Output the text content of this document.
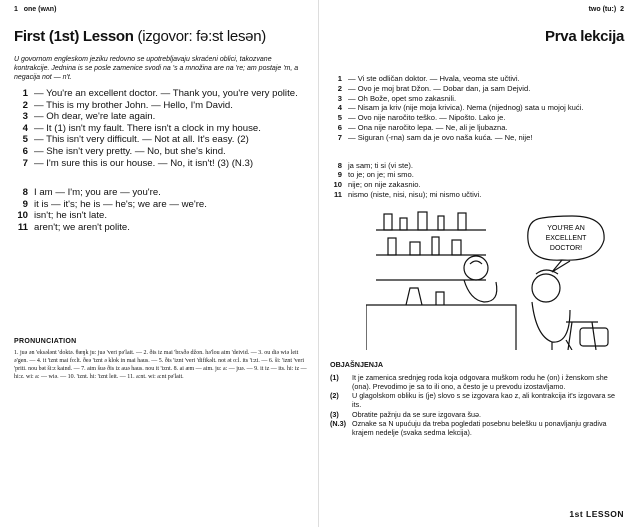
1 one (wʌn)
First (1st) Lesson (izgovor: fə:st lesən)
U govornom engleskom jeziku redovno se upotrebljavaju skraćeni oblici, takozvane kontrakcije. Jednina is se posle zamenice svodi na 's a množina are na 're; am postaje 'm, a negacija not — n't.
1 — You're an excellent doctor. — Thank you, you're very polite.
2 — This is my brother John. — Hello, I'm David.
3 — Oh dear, we're late again.
4 — It (1) isn't my fault. There isn't a clock in my house.
5 — This isn't very difficult. — Not at all. It's easy. (2)
6 — She isn't very pretty. — No, but she's kind.
7 — I'm sure this is our house. — No, it isn't! (3) (N.3)
8 I am — I'm; you are — you're.
9 it is — it's; he is — he's; we are — we're.
10 isn't; he isn't late.
11 aren't; we aren't polite.
PRONUNCIATION
1. juə ən 'eksələnt 'doktə. θæŋk ju: juə 'veri pə'lait. — 2. ðis iz mai 'brʌðə džon. hə'lou aim 'deivid. — 3. ou diə wiə leit ə'gen. — 4. it 'iznt mai fo:lt. ðeə 'iznt ə klok in mai haus. — 5. ðis 'iznt 'veri 'difikəlt. not ət o:l. its 'i:zi. — 6. ši: 'iznt 'veri 'priti. nou bət ši:z kaind. — 7. aim šuə ðis iz auə haus. nou it 'iznt. 8. ai æm — aim. ju: a: — juə. — 9. it iz — its. hi: iz — hi:z. wi: a: — wiə. — 10. 'iznt. hi: 'iznt leit. — 11. a:nt. wi: a:nt pə'lait.
two (tu:)
2
Prva lekcija
1 — Vi ste odličan doktor. — Hvala, veoma ste učtivi.
2 — Ovo je moj brat Džon. — Dobar dan, ja sam Dejvid.
3 — Oh Bože, opet smo zakasnili.
4 — Nisam ja kriv (nije moja krivica). Nema (nijednog) sata u mojoj kući.
5 — Ovo nije naročito teško. — Nipošto. Lako je.
6 — Ona nije naročito lepa. — Ne, ali je ljubazna.
7 — Siguran (-rna) sam da je ovo naša kuća. — Ne, nije!
8 ja sam; ti si (vi ste).
9 to je; on je; mi smo.
10 nije; on nije zakasnio.
11 nismo (niste, nisi, nisu); mi nismo učtivi.
YOU'RE AN
EXCELLENT
DOCTOR!
OBJAŠNJENJA
(1)	It je zamenica srednjeg roda koja odgovara muškom rodu he (on) i ženskom she (ona). Prevodimo je sa to ili ono, a često je u prevodu izostavljamo.
(2)	U glagolskom obliku is (je) slovo s se izgovara kao z, ali kontrakcija it's izgovara se its.
(3)	Obratite pažnju da se sure izgovara šuə.
(N.3) Oznake sa N upućuju da treba pogledati posebnu belešku u ponavljanju gradiva krajem nedelje (svaka sedma lekcija).
1st LESSON
